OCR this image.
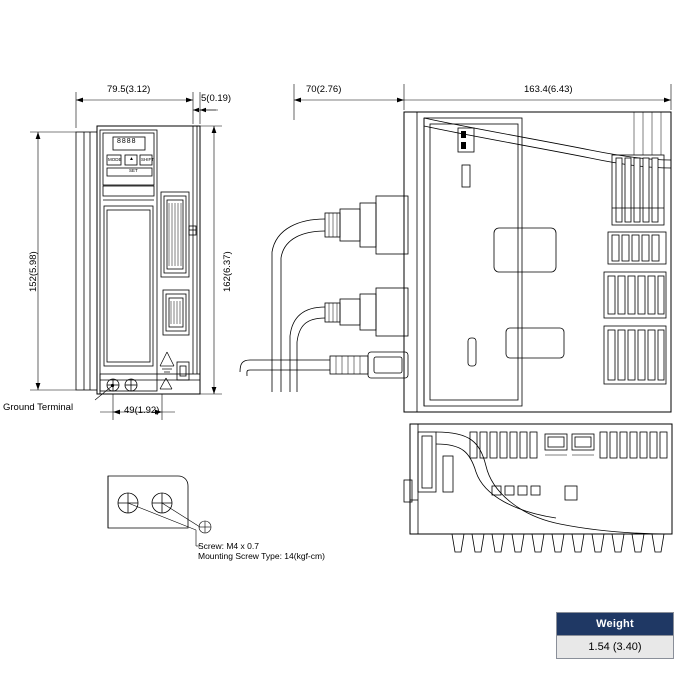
79.5(3.12)
5(0.19)
70(2.76)	163.4(6.43)
152(5.98)	162(6.37)
49(1.92)
Ground Terminal
Screw: M4 x 0.7
Mounting Screw Type: 14(kgf-cm)
8888
MODE ▲ SHIFT
SET
Weight
1.54 (3.40)
